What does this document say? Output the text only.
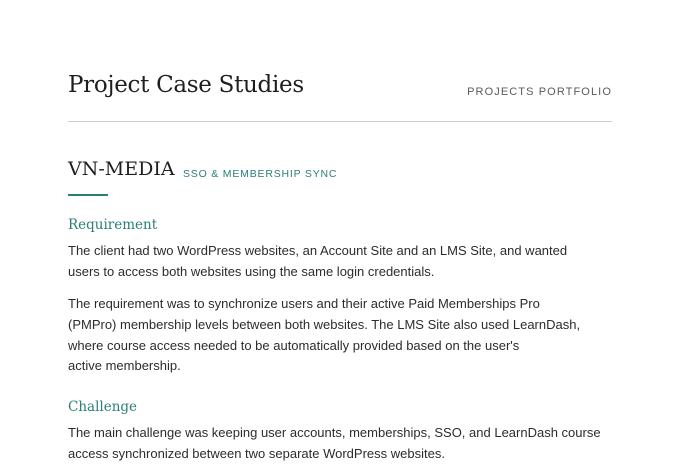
Project Case Studies	PROJECTS PORTFOLIO
VN-MEDIA SSO & MEMBERSHIP SYNC
Requirement

The client had two WordPress websites, an Account Site and an LMS Site, and wanted
users to access both websites using the same login credentials.

The requirement was to synchronize users and their active Paid Memberships Pro
(PMPro) membership levels between both websites. The LMS Site also used LearnDash,
where course access needed to be automatically provided based on the user's
active membership.

Challenge

The main challenge was keeping user accounts, memberships, SSO, and LearnDash course
access synchronized between two separate WordPress websites.
